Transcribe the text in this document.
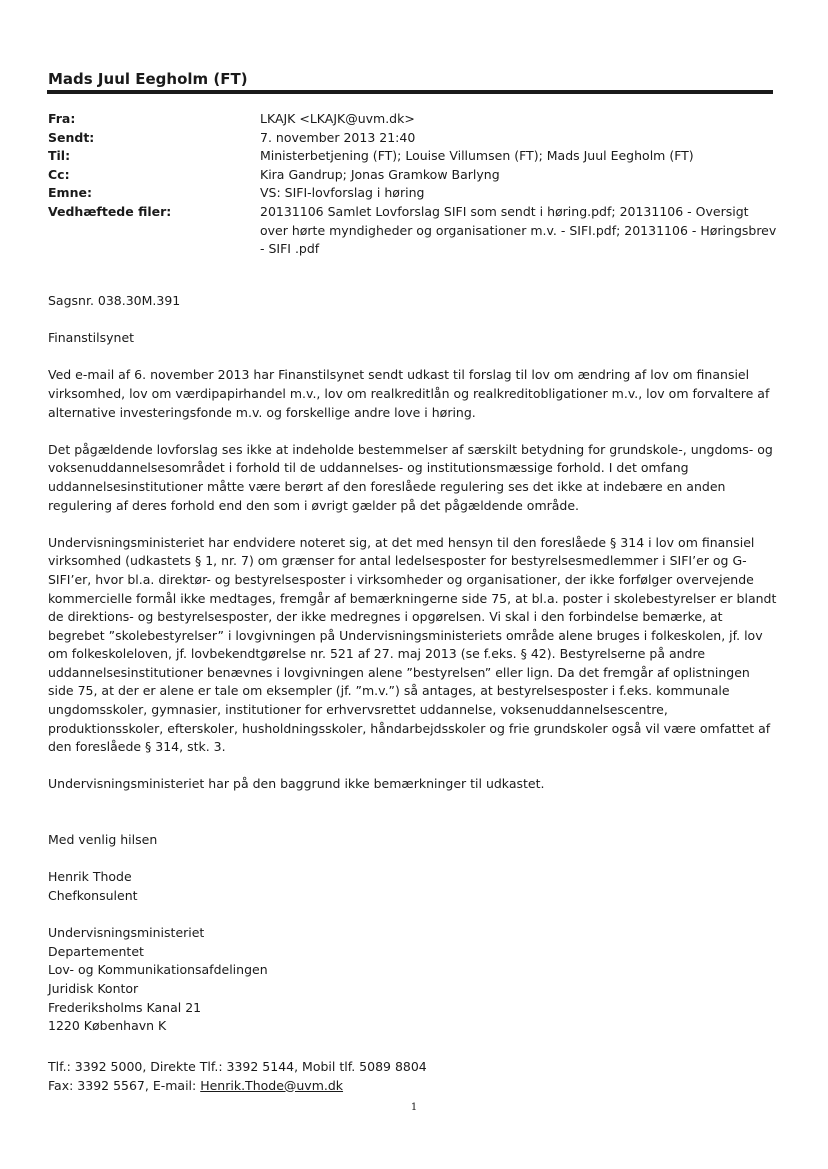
Mads Juul Eegholm (FT)
Fra:	LKAJK <LKAJK@uvm.dk>
Sendt:	7. november 2013 21:40
Til:	Ministerbetjening (FT); Louise Villumsen (FT); Mads Juul Eegholm (FT)
Cc:	Kira Gandrup; Jonas Gramkow Barlyng
Emne:	VS: SIFI-lovforslag i høring
Vedhæftede filer:	20131106 Samlet Lovforslag SIFI som sendt i høring.pdf; 20131106 - Oversigt over hørte myndigheder og organisationer m.v. - SIFI.pdf; 20131106 - Høringsbrev - SIFI .pdf

Sagsnr. 038.30M.391

Finanstilsynet

Ved e-mail af 6. november 2013 har Finanstilsynet sendt udkast til forslag til lov om ændring af lov om finansiel virksomhed, lov om værdipapirhandel m.v., lov om realkreditlån og realkreditobligationer m.v., lov om forvaltere af alternative investeringsfonde m.v. og forskellige andre love i høring.

Det pågældende lovforslag ses ikke at indeholde bestemmelser af særskilt betydning for grundskole-, ungdoms- og voksenuddannelsesområdet i forhold til de uddannelses- og institutionsmæssige forhold. I det omfang uddannelsesinstitutioner måtte være berørt af den foreslåede regulering ses det ikke at indebære en anden regulering af deres forhold end den som i øvrigt gælder på det pågældende område.

Undervisningsministeriet har endvidere noteret sig, at det med hensyn til den foreslåede § 314 i lov om finansiel virksomhed (udkastets § 1, nr. 7) om grænser for antal ledelsesposter for bestyrelsesmedlemmer i SIFI’er og G-SIFI’er, hvor bl.a. direktør- og bestyrelsesposter i virksomheder og organisationer, der ikke forfølger overvejende kommercielle formål ikke medtages, fremgår af bemærkningerne side 75, at bl.a. poster i skolebestyrelser er blandt de direktions- og bestyrelsesposter, der ikke medregnes i opgørelsen. Vi skal i den forbindelse bemærke, at begrebet ”skolebestyrelser” i lovgivningen på Undervisningsministeriets område alene bruges i folkeskolen, jf. lov om folkeskoleloven, jf. lovbekendtgørelse nr. 521 af 27. maj 2013 (se f.eks. § 42). Bestyrelserne på andre uddannelsesinstitutioner benævnes i lovgivningen alene ”bestyrelsen” eller lign. Da det fremgår af oplistningen side 75, at der er alene er tale om eksempler (jf. ”m.v.”) så antages, at bestyrelsesposter i f.eks. kommunale ungdomsskoler, gymnasier, institutioner for erhvervsrettet uddannelse, voksenuddannelsescentre, produktionsskoler, efterskoler, husholdningsskoler, håndarbejdsskoler og frie grundskoler også vil være omfattet af den foreslåede § 314, stk. 3.

Undervisningsministeriet har på den baggrund ikke bemærkninger til udkastet.

Med venlig hilsen

Henrik Thode
Chefkonsulent
Undervisningsministeriet
Departementet
Lov- og Kommunikationsafdelingen
Juridisk Kontor
Frederiksholms Kanal 21
1220 København K
Tlf.: 3392 5000, Direkte Tlf.: 3392 5144, Mobil tlf. 5089 8804
Fax: 3392 5567, E-mail: Henrik.Thode@uvm.dk
1
